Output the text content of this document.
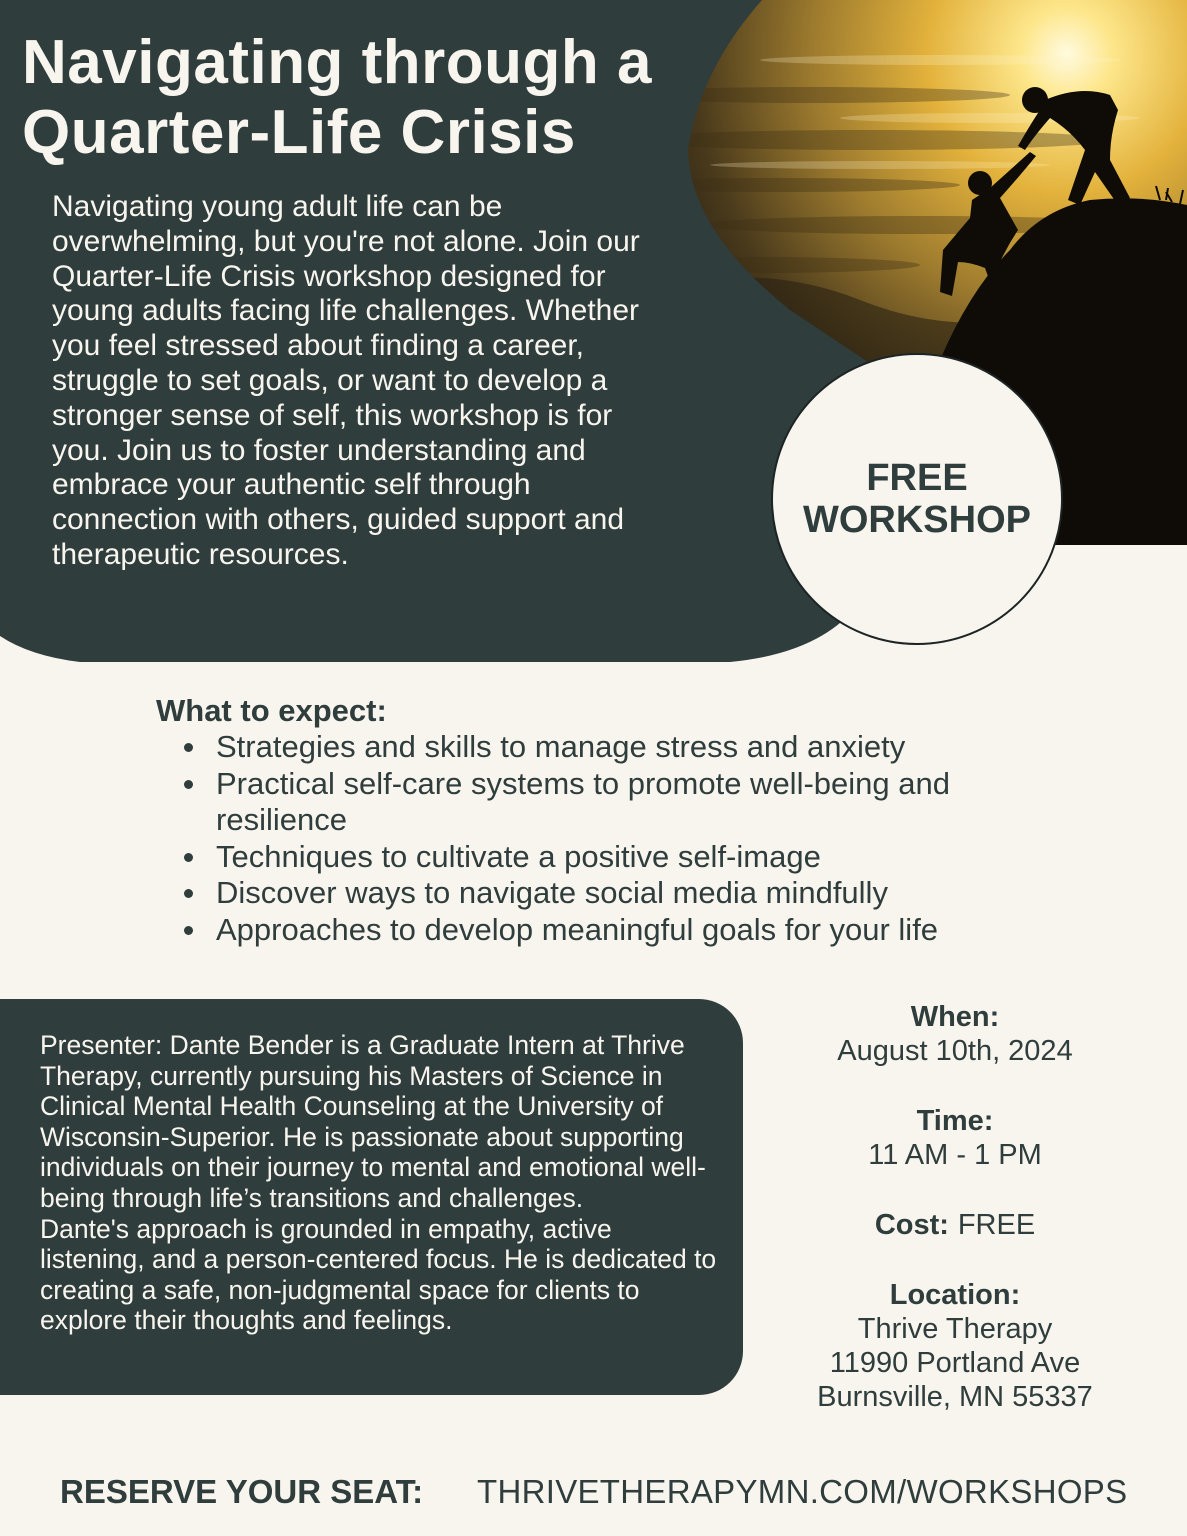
Navigating through a
Quarter-Life Crisis

Navigating young adult life can be overwhelming, but you're not alone. Join our Quarter-Life Crisis workshop designed for young adults facing life challenges. Whether you feel stressed about finding a career, struggle to set goals, or want to develop a stronger sense of self, this workshop is for you. Join us to foster understanding and embrace your authentic self through connection with others, guided support and therapeutic resources.

FREE
WORKSHOP
What to expect:
Strategies and skills to manage stress and anxiety
Practical self-care systems to promote well-being and resilience
Techniques to cultivate a positive self-image
Discover ways to navigate social media mindfully
Approaches to develop meaningful goals for your life

Presenter: Dante Bender is a Graduate Intern at Thrive Therapy, currently pursuing his Masters of Science in Clinical Mental Health Counseling at the University of Wisconsin-Superior. He is passionate about supporting individuals on their journey to mental and emotional well-being through life’s transitions and challenges.

Dante's approach is grounded in empathy, active listening, and a person-centered focus. He is dedicated to creating a safe, non-judgmental space for clients to explore their thoughts and feelings.

When:
August 10th, 2024
Time:
11 AM - 1 PM
Cost: FREE
Location:
Thrive Therapy
11990 Portland Ave
Burnsville, MN 55337

RESERVE YOUR SEAT: THRIVETHERAPYMN.COM/WORKSHOPS
